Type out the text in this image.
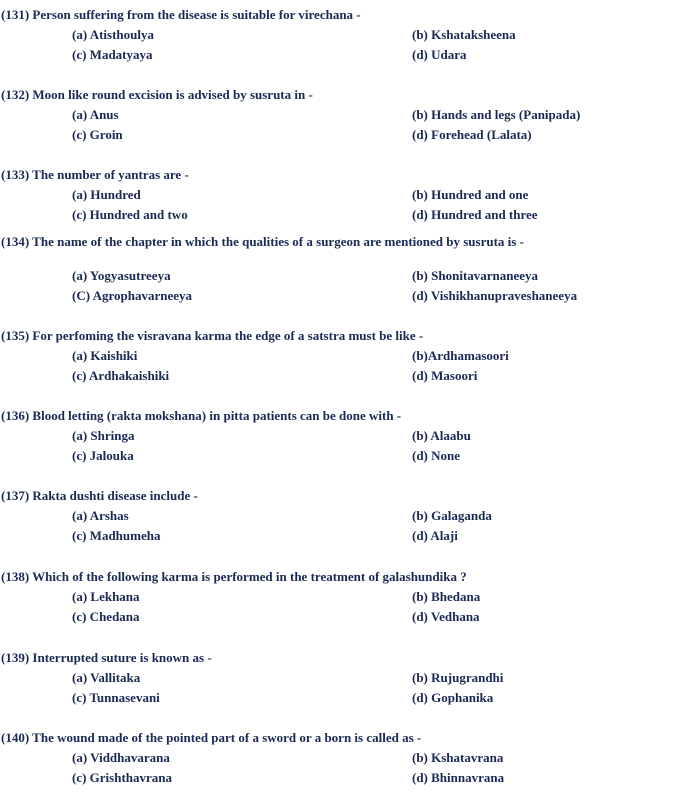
(131) Person suffering from the disease is suitable for virechana -
(a) Atisthoulya	(b) Kshataksheena
(c) Madatyaya	(d) Udara
(132) Moon like round excision is advised by susruta in -
(a) Anus	(b) Hands and legs (Panipada)
(c) Groin	(d) Forehead (Lalata)
(133) The number of yantras are -
(a) Hundred	(b) Hundred and one
(c) Hundred and two	(d) Hundred and three
(134) The name of the chapter in which the qualities of a surgeon are mentioned by susruta is -
(a) Yogyasutreeya	(b) Shonitavarnaneeya
(C) Agrophavarneeya	(d) Vishikhanupraveshaneeya
(135) For perfoming the visravana karma the edge of a satstra must be like -
(a) Kaishiki	(b)Ardhamasoori
(c) Ardhakaishiki	(d) Masoori
(136) Blood letting (rakta mokshana) in pitta patients can be done with -
(a) Shringa	(b) Alaabu
(c) Jalouka	(d) None
(137) Rakta dushti disease include -
(a) Arshas	(b) Galaganda
(c) Madhumeha	(d) Alaji
(138) Which of the following karma is performed in the treatment of galashundika ?
(a) Lekhana	(b) Bhedana
(c) Chedana	(d) Vedhana
(139) Interrupted suture is known as -
(a) Vallitaka	(b) Rujugrandhi
(c) Tunnasevani	(d) Gophanika
(140) The wound made of the pointed part of a sword or a born is called as -
(a) Viddhavarana	(b) Kshatavrana
(c) Grishthavrana	(d) Bhinnavrana
